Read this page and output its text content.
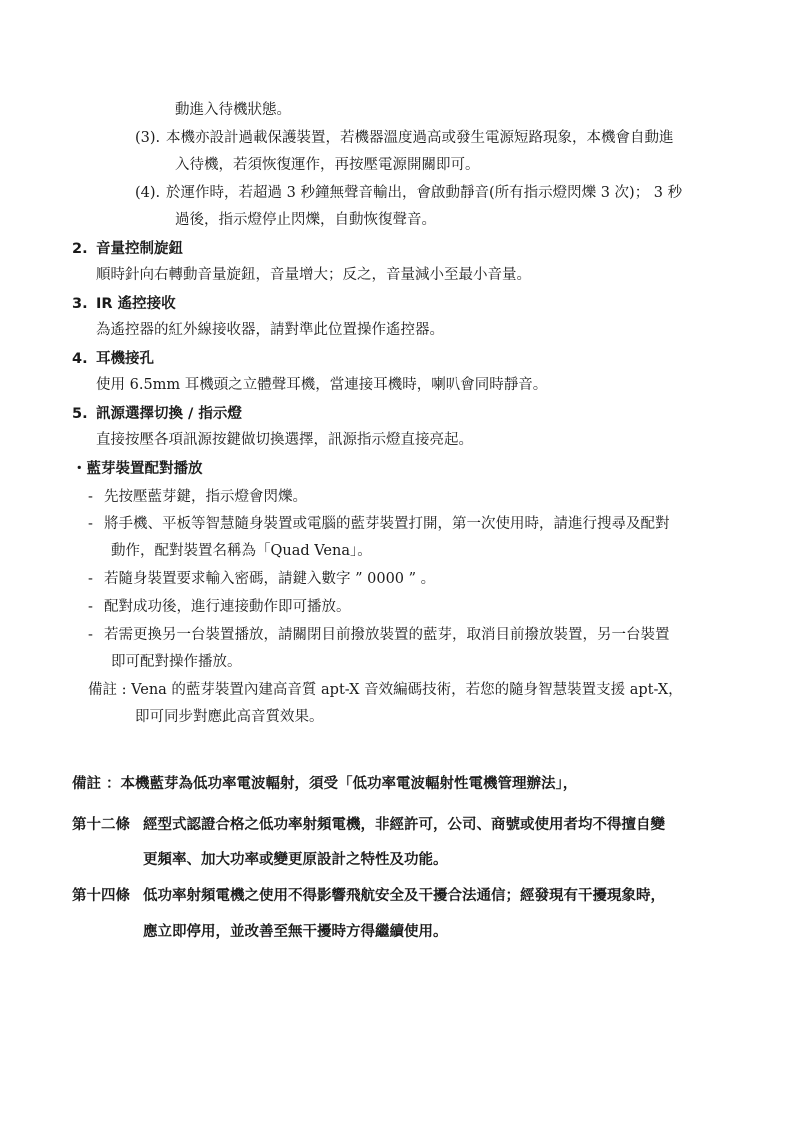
動進入待機狀態。
(3). 本機亦設計過載保護裝置，若機器溫度過高或發生電源短路現象，本機會自動進
入待機，若須恢復運作，再按壓電源開關即可。
(4). 於運作時，若超過 3 秒鐘無聲音輸出，會啟動靜音(所有指示燈閃爍 3 次)； 3 秒
過後，指示燈停止閃爍，自動恢復聲音。
2. 音量控制旋鈕
順時針向右轉動音量旋鈕，音量增大；反之，音量減小至最小音量。
3. IR 遙控接收
為遙控器的紅外線接收器，請對準此位置操作遙控器。
4. 耳機接孔
使用 6.5mm 耳機頭之立體聲耳機，當連接耳機時，喇叭會同時靜音。
5. 訊源選擇切換 / 指示燈
直接按壓各項訊源按鍵做切換選擇，訊源指示燈直接亮起。
・藍芽裝置配對播放
- 先按壓藍芽鍵，指示燈會閃爍。
- 將手機、平板等智慧隨身裝置或電腦的藍芽裝置打開，第一次使用時，請進行搜尋及配對
動作，配對裝置名稱為「Quad Vena」。
- 若隨身裝置要求輸入密碼，請鍵入數字 ” 0000 ” 。
- 配對成功後，進行連接動作即可播放。
- 若需更換另一台裝置播放，請關閉目前撥放裝置的藍芽，取消目前撥放裝置，另一台裝置
即可配對操作播放。
備註 : Vena 的藍芽裝置內建高音質 apt-X 音效編碼技術，若您的隨身智慧裝置支援 apt-X，
即可同步對應此高音質效果。
備註 ：本機藍芽為低功率電波輻射，須受「低功率電波輻射性電機管理辦法」，
第十二條 經型式認證合格之低功率射頻電機，非經許可，公司、商號或使用者均不得擅自變
更頻率、加大功率或變更原設計之特性及功能。
第十四條 低功率射頻電機之使用不得影響飛航安全及干擾合法通信；經發現有干擾現象時，
應立即停用，並改善至無干擾時方得繼續使用。
